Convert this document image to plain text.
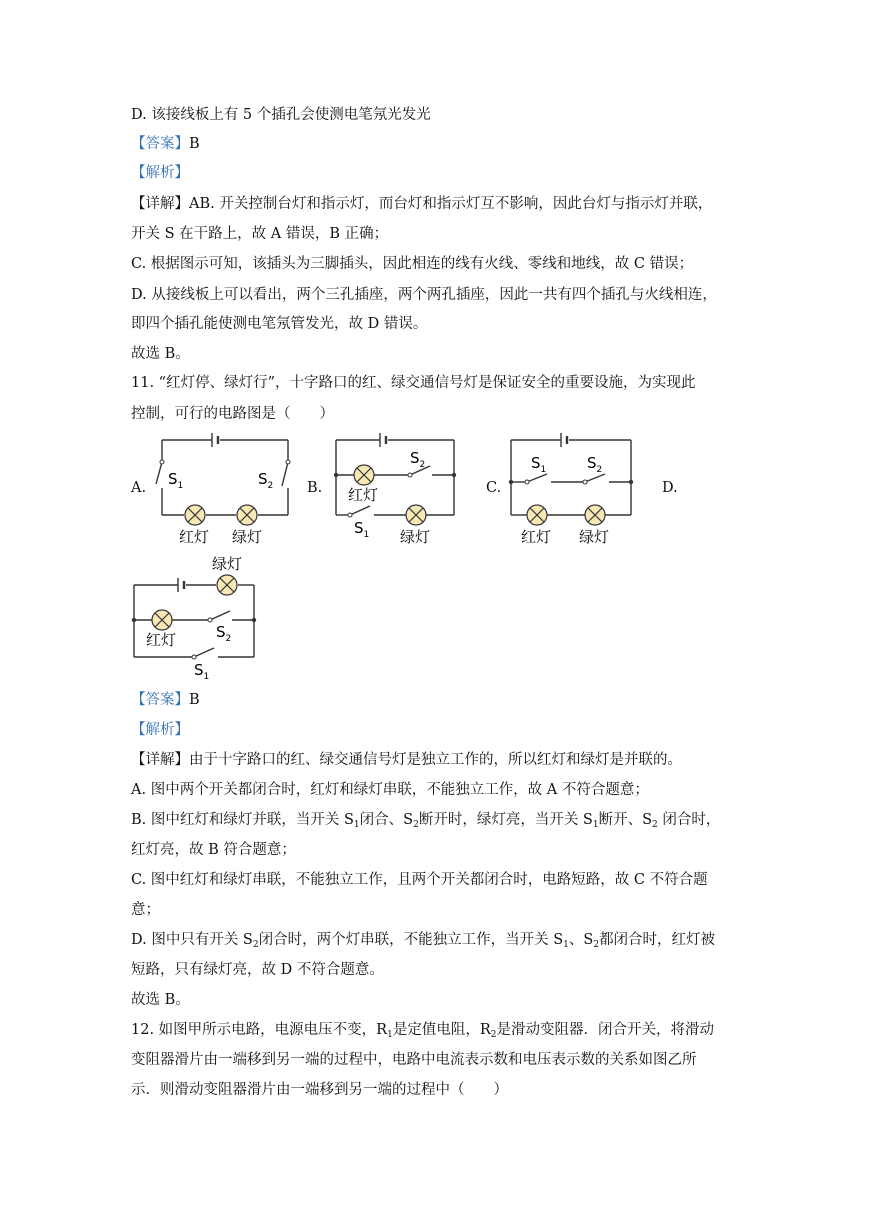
D. 该接线板上有 5 个插孔会使测电笔氖光发光
【答案】B
【解析】
【详解】AB. 开关控制台灯和指示灯，而台灯和指示灯互不影响，因此台灯与指示灯并联，
开关 S 在干路上，故 A 错误，B 正确；
C. 根据图示可知，该插头为三脚插头，因此相连的线有火线、零线和地线，故 C 错误；
D. 从接线板上可以看出，两个三孔插座，两个两孔插座，因此一共有四个插孔与火线相连，
即四个插孔能使测电笔氖管发光，故 D 错误。
故选 B。
11. “红灯停、绿灯行”，十字路口的红、绿交通信号灯是保证安全的重要设施，为实现此
控制，可行的电路图是（　　）
A.	B.	C.	D.
$S_1$	$S_2$
红灯 绿灯
$S_2$
红灯
$S_1$ 绿灯
$S_1$	$S_2$
红灯 绿灯
绿灯
红灯	$S_2$
$S_1$
【答案】B
【解析】
【详解】由于十字路口的红、绿交通信号灯是独立工作的，所以红灯和绿灯是并联的。
A. 图中两个开关都闭合时，红灯和绿灯串联，不能独立工作，故 A 不符合题意；
B. 图中红灯和绿灯并联，当开关 $S_1$闭合、$S_2$断开时，绿灯亮，当开关 $S_1$断开、$S_2$ 闭合时，
红灯亮，故 B 符合题意；
C. 图中红灯和绿灯串联，不能独立工作，且两个开关都闭合时，电路短路，故 C 不符合题
意；
D. 图中只有开关 $S_2$闭合时，两个灯串联，不能独立工作，当开关 $S_1$、$S_2$都闭合时，红灯被
短路，只有绿灯亮，故 D 不符合题意。
故选 B。
12. 如图甲所示电路，电源电压不变，$R_1$是定值电阻，$R_2$是滑动变阻器．闭合开关，将滑动
变阻器滑片由一端移到另一端的过程中，电路中电流表示数和电压表示数的关系如图乙所
示．则滑动变阻器滑片由一端移到另一端的过程中（　　）
